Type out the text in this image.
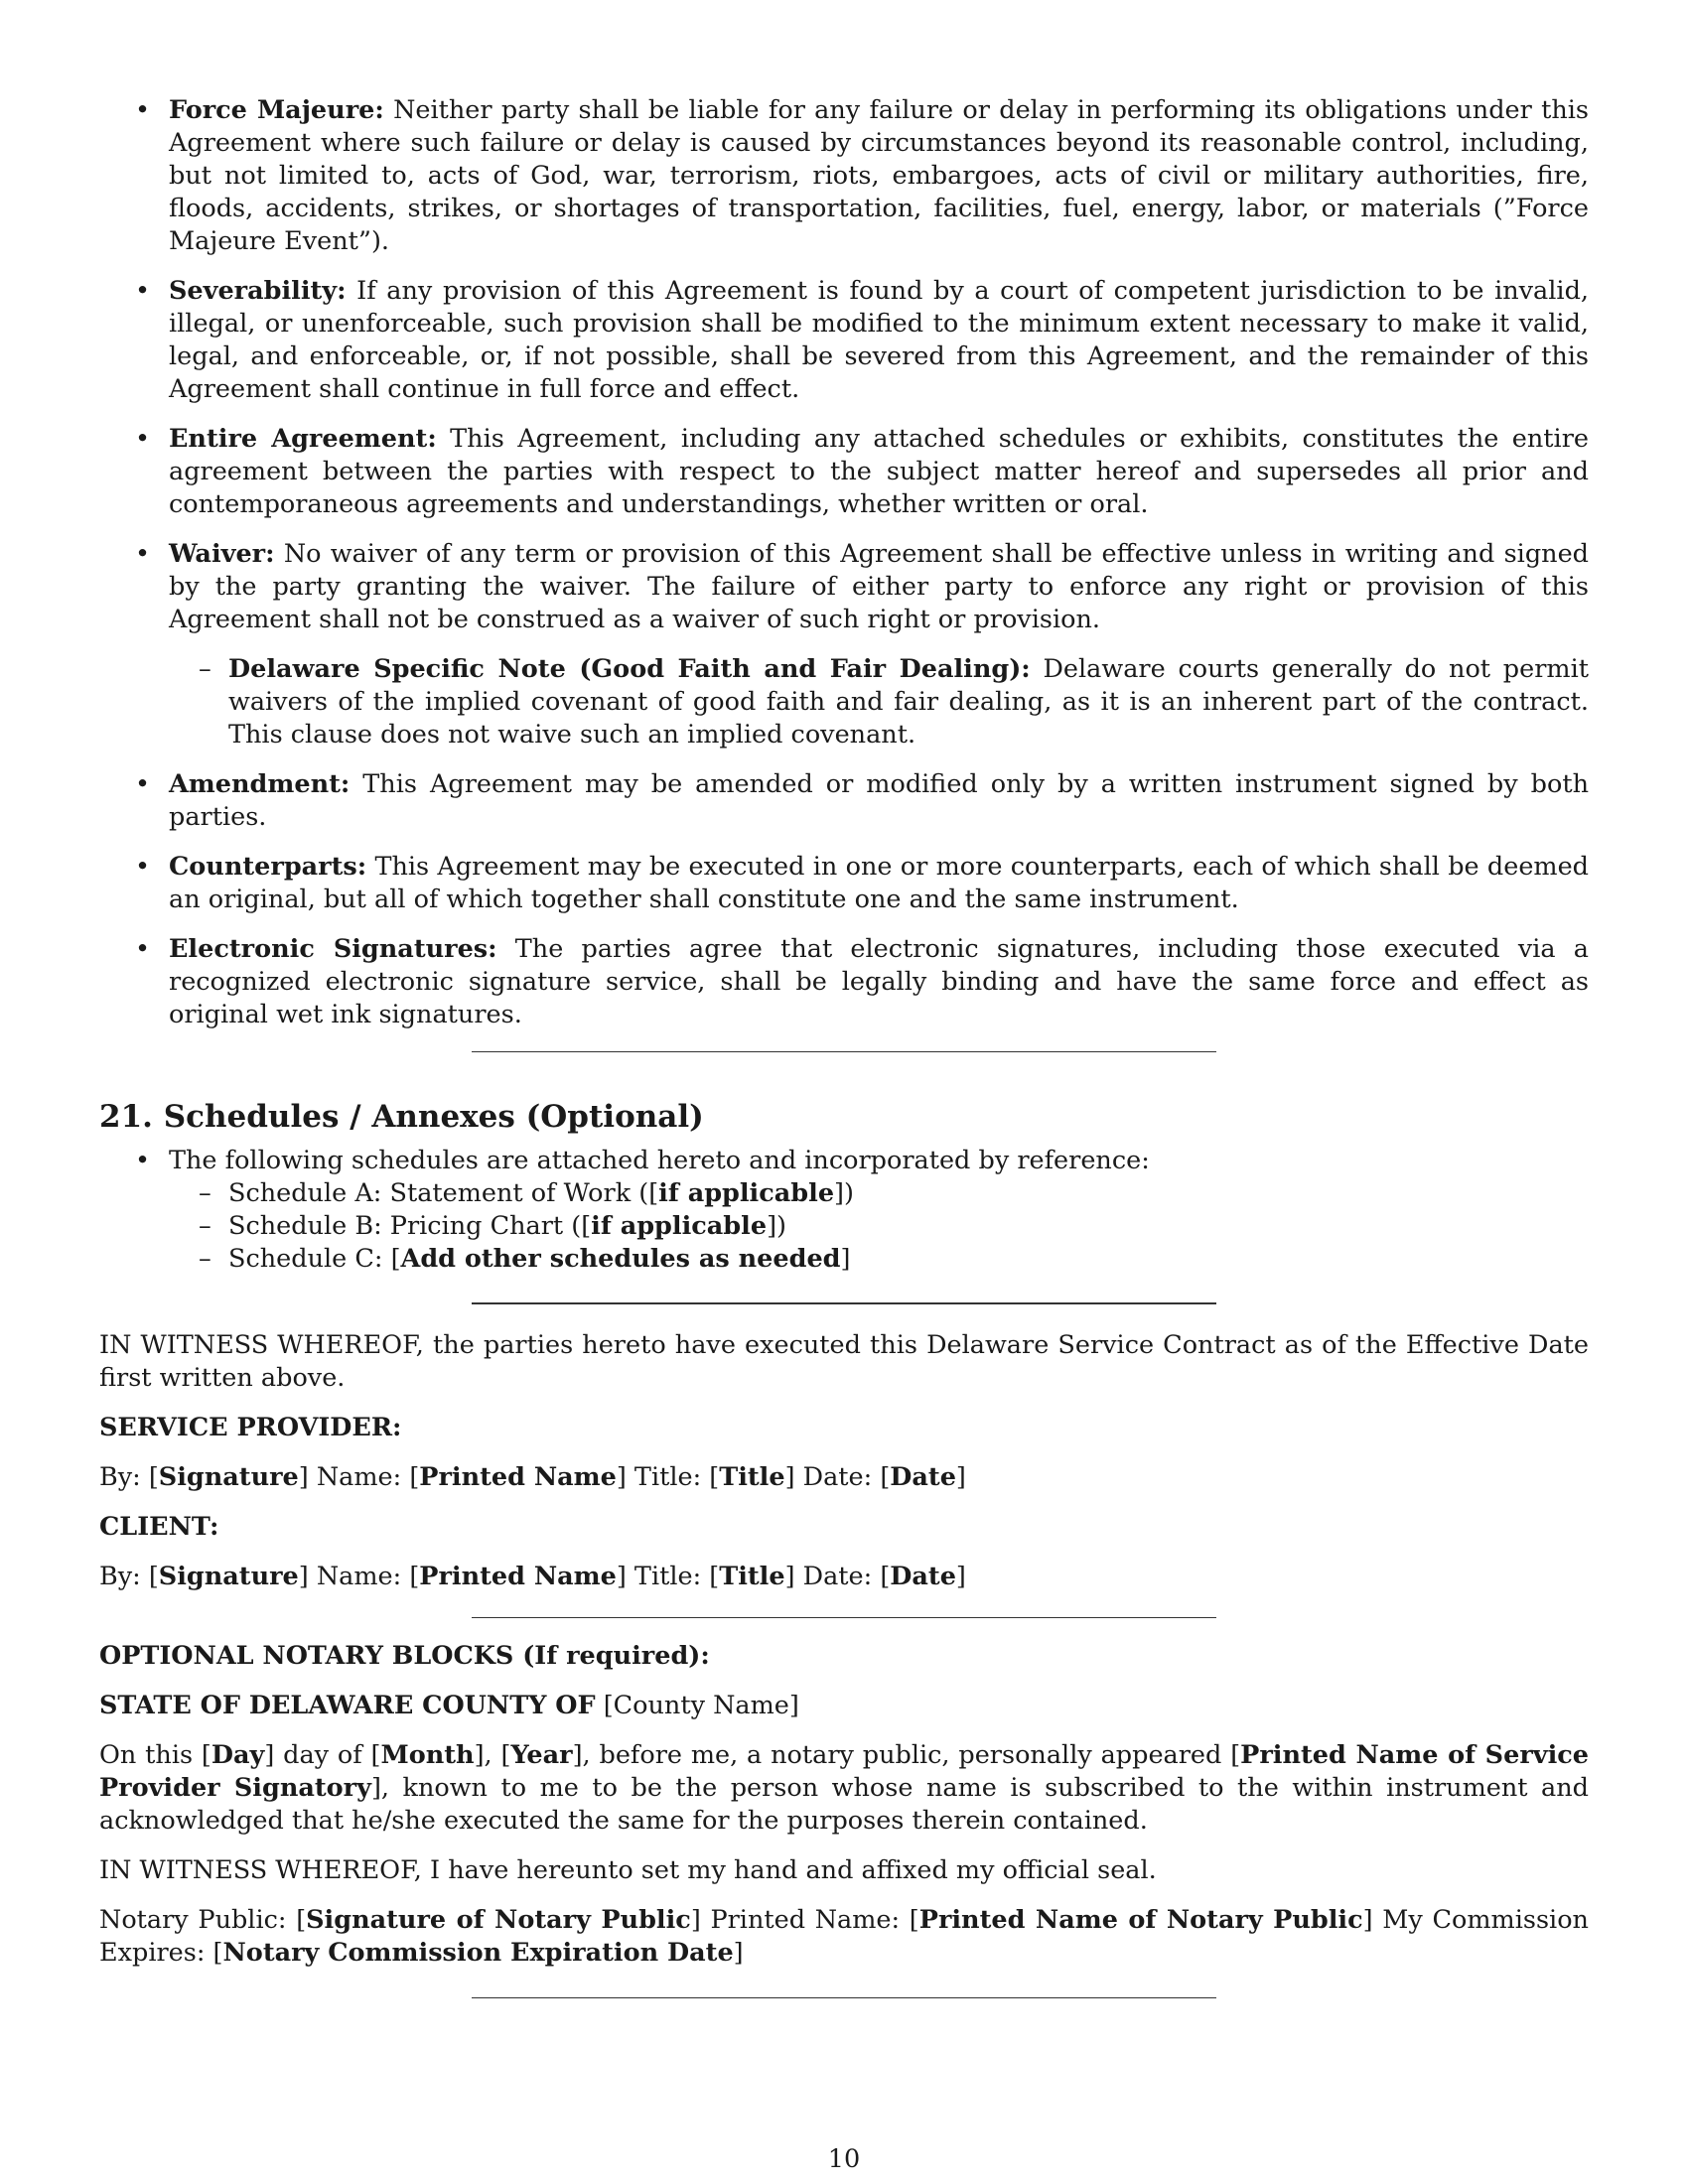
• Force Majeure: Neither party shall be liable for any failure or delay in performing its obligations under this Agreement where such failure or delay is caused by circumstances beyond its reasonable control, including, but not limited to, acts of God, war, terrorism, riots, embargoes, acts of civil or military authorities, fire, floods, accidents, strikes, or shortages of transportation, facilities, fuel, energy, labor, or materials (”Force Majeure Event”).
• Severability: If any provision of this Agreement is found by a court of competent jurisdiction to be invalid, illegal, or unenforceable, such provision shall be modified to the minimum extent necessary to make it valid, legal, and enforceable, or, if not possible, shall be severed from this Agreement, and the remainder of this Agreement shall continue in full force and effect.
• Entire Agreement: This Agreement, including any attached schedules or exhibits, constitutes the entire agreement between the parties with respect to the subject matter hereof and supersedes all prior and contemporaneous agreements and understandings, whether written or oral.
• Waiver: No waiver of any term or provision of this Agreement shall be effective unless in writing and signed by the party granting the waiver. The failure of either party to enforce any right or provision of this Agreement shall not be construed as a waiver of such right or provision.
– Delaware Specific Note (Good Faith and Fair Dealing): Delaware courts generally do not permit waivers of the implied covenant of good faith and fair dealing, as it is an inherent part of the contract. This clause does not waive such an implied covenant.
• Amendment: This Agreement may be amended or modified only by a written instrument signed by both parties.
• Counterparts: This Agreement may be executed in one or more counterparts, each of which shall be deemed an original, but all of which together shall constitute one and the same instrument.
• Electronic Signatures: The parties agree that electronic signatures, including those executed via a recognized electronic signature service, shall be legally binding and have the same force and effect as original wet ink signatures.
21. Schedules / Annexes (Optional)
• The following schedules are attached hereto and incorporated by reference:
– Schedule A: Statement of Work ([if applicable])
– Schedule B: Pricing Chart ([if applicable])
– Schedule C: [Add other schedules as needed]

IN WITNESS WHEREOF, the parties hereto have executed this Delaware Service Contract as of the Effective Date first written above.

SERVICE PROVIDER:

By: [Signature] Name: [Printed Name] Title: [Title] Date: [Date]

CLIENT:

By: [Signature] Name: [Printed Name] Title: [Title] Date: [Date]

OPTIONAL NOTARY BLOCKS (If required):

STATE OF DELAWARE COUNTY OF [County Name]

On this [Day] day of [Month], [Year], before me, a notary public, personally appeared [Printed Name of Service Provider Signatory], known to me to be the person whose name is subscribed to the within instrument and acknowledged that he/she executed the same for the purposes therein contained.

IN WITNESS WHEREOF, I have hereunto set my hand and affixed my official seal.

Notary Public: [Signature of Notary Public] Printed Name: [Printed Name of Notary Public] My Commission Expires: [Notary Commission Expiration Date]

10
